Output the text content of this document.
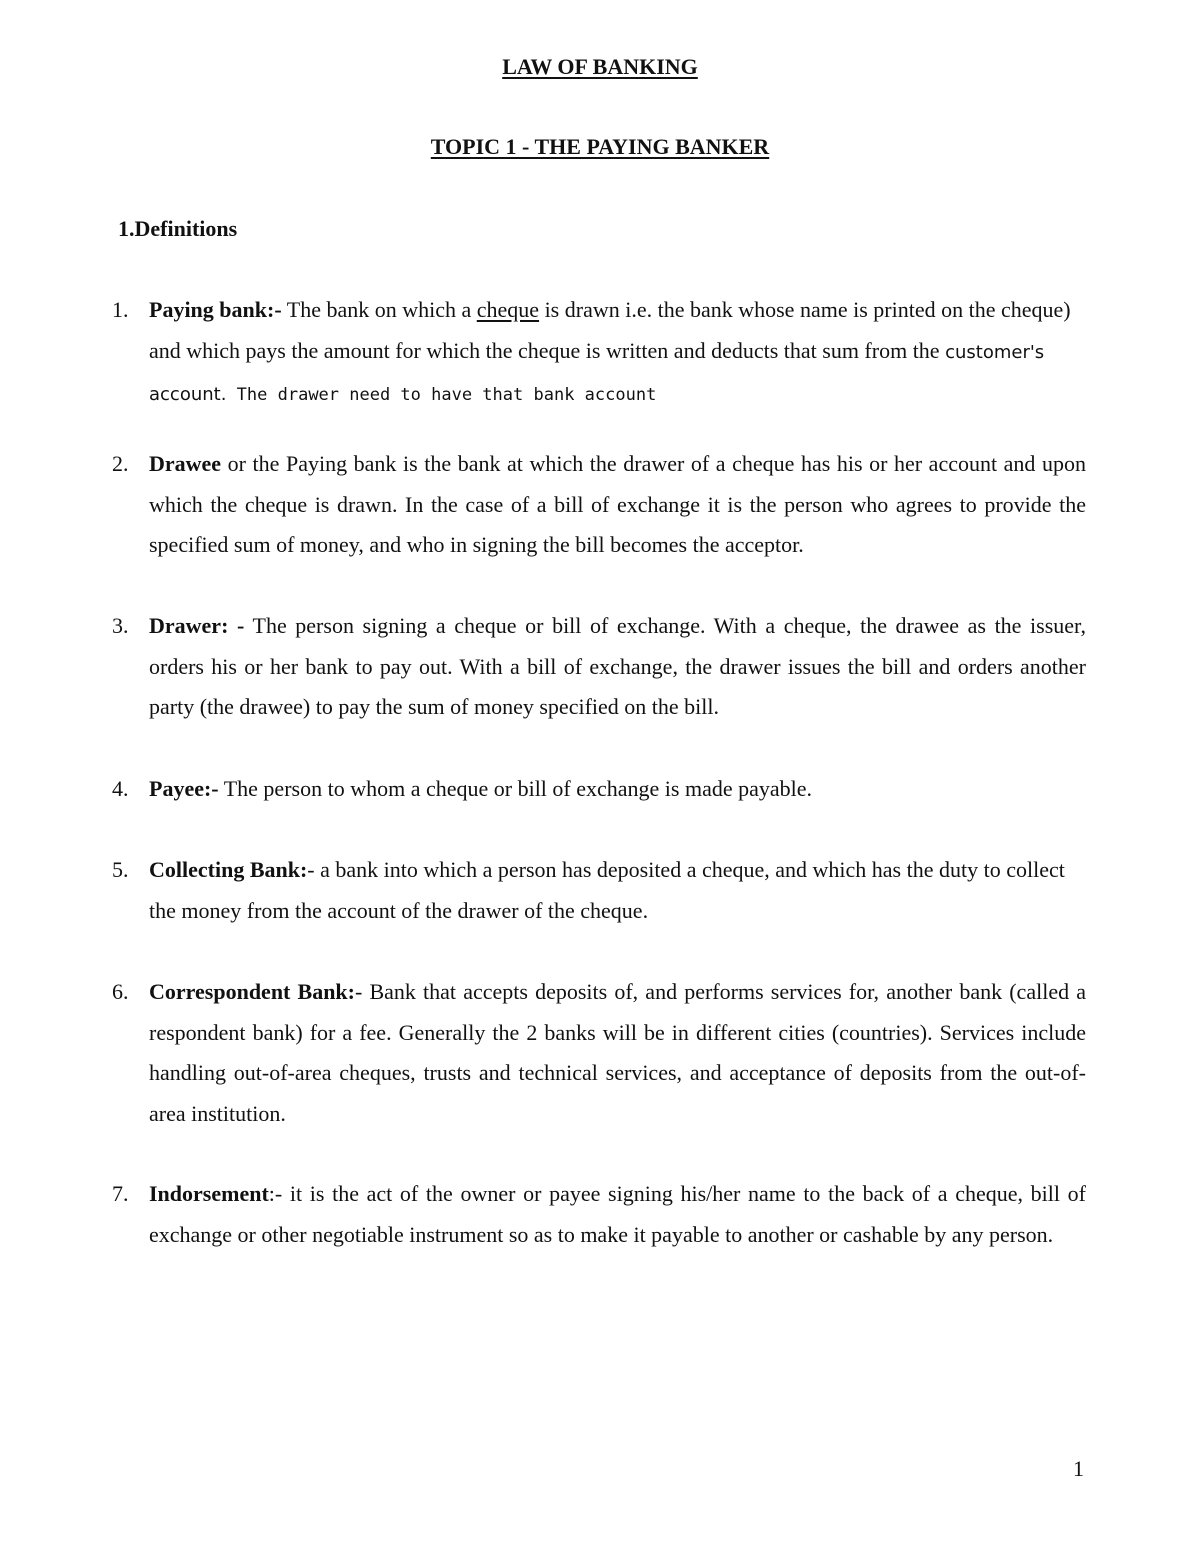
LAW OF BANKING
TOPIC 1 - THE PAYING BANKER
1.Definitions
1. Paying bank:- The bank on which a cheque is drawn i.e. the bank whose name is printed on the cheque) and which pays the amount for which the cheque is written and deducts that sum from the customer's account. The drawer need to have that bank account
2. Drawee or the Paying bank is the bank at which the drawer of a cheque has his or her account and upon which the cheque is drawn. In the case of a bill of exchange it is the person who agrees to provide the specified sum of money, and who in signing the bill becomes the acceptor.
3. Drawer: - The person signing a cheque or bill of exchange. With a cheque, the drawee as the issuer, orders his or her bank to pay out. With a bill of exchange, the drawer issues the bill and orders another party (the drawee) to pay the sum of money specified on the bill.
4. Payee:- The person to whom a cheque or bill of exchange is made payable.
5. Collecting Bank:- a bank into which a person has deposited a cheque, and which has the duty to collect the money from the account of the drawer of the cheque.
6. Correspondent Bank:- Bank that accepts deposits of, and performs services for, another bank (called a respondent bank) for a fee. Generally the 2 banks will be in different cities (countries). Services include handling out-of-area cheques, trusts and technical services, and acceptance of deposits from the out-of-area institution.
7. Indorsement:- it is the act of the owner or payee signing his/her name to the back of a cheque, bill of exchange or other negotiable instrument so as to make it payable to another or cashable by any person.
1
